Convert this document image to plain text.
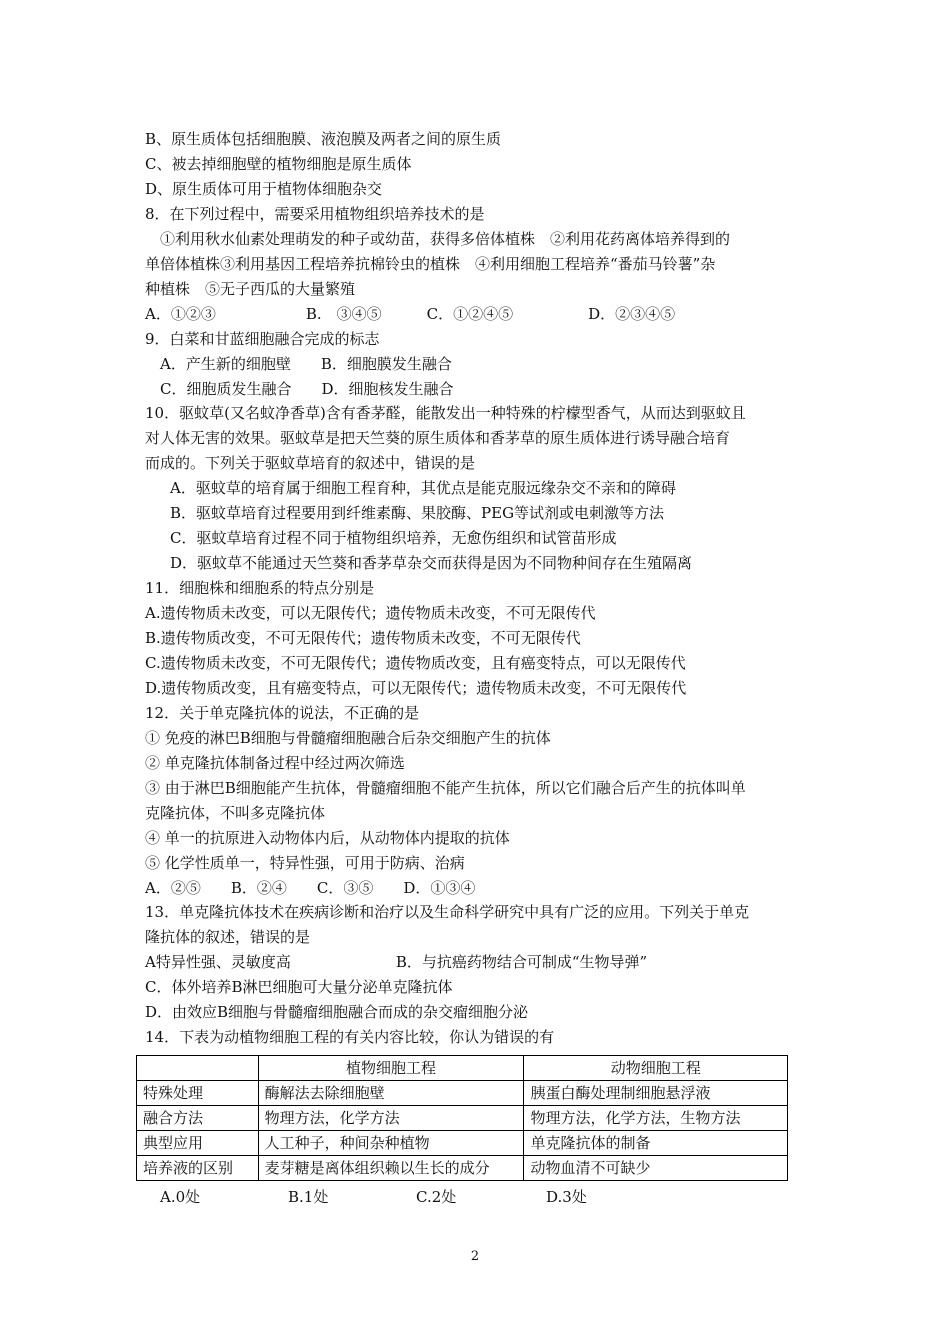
B、原生质体包括细胞膜、液泡膜及两者之间的原生质
C、被去掉细胞壁的植物细胞是原生质体
D、原生质体可用于植物体细胞杂交
8．在下列过程中，需要采用植物组织培养技术的是
①利用秋水仙素处理萌发的种子或幼苗，获得多倍体植株　②利用花药离体培养得到的
单倍体植株③利用基因工程培养抗棉铃虫的植株　④利用细胞工程培养“番茄马铃薯”杂
种植株　⑤无子西瓜的大量繁殖
A．①②③　　　　　　B.　③④⑤　　　C．①②④⑤　　　　　D．②③④⑤
9．白菜和甘蓝细胞融合完成的标志
A．产生新的细胞壁　　B．细胞膜发生融合
C．细胞质发生融合　　D．细胞核发生融合
10．驱蚊草(又名蚊净香草)含有香茅醛，能散发出一种特殊的柠檬型香气，从而达到驱蚊且
对人体无害的效果。驱蚊草是把天竺葵的原生质体和香茅草的原生质体进行诱导融合培育
而成的。下列关于驱蚊草培育的叙述中，错误的是
A．驱蚊草的培育属于细胞工程育种，其优点是能克服远缘杂交不亲和的障碍
B．驱蚊草培育过程要用到纤维素酶、果胶酶、PEG等试剂或电刺激等方法
C．驱蚊草培育过程不同于植物组织培养，无愈伤组织和试管苗形成
D．驱蚊草不能通过天竺葵和香茅草杂交而获得是因为不同物种间存在生殖隔离
11．细胞株和细胞系的特点分别是
A.遗传物质未改变，可以无限传代；遗传物质未改变，不可无限传代
B.遗传物质改变，不可无限传代；遗传物质未改变，不可无限传代
C.遗传物质未改变，不可无限传代；遗传物质改变，且有癌变特点，可以无限传代
D.遗传物质改变，且有癌变特点，可以无限传代；遗传物质未改变，不可无限传代
12．关于单克隆抗体的说法，不正确的是
① 免疫的淋巴B细胞与骨髓瘤细胞融合后杂交细胞产生的抗体
② 单克隆抗体制备过程中经过两次筛选
③ 由于淋巴B细胞能产生抗体，骨髓瘤细胞不能产生抗体，所以它们融合后产生的抗体叫单
克隆抗体，不叫多克隆抗体
④ 单一的抗原进入动物体内后，从动物体内提取的抗体
⑤ 化学性质单一，特异性强，可用于防病、治病
A．②⑤　　B．②④　　C．③⑤　　D．①③④
13．单克隆抗体技术在疾病诊断和治疗以及生命科学研究中具有广泛的应用。下列关于单克
隆抗体的叙述，错误的是
A特异性强、灵敏度高　　　　　　　B．与抗癌药物结合可制成“生物导弹”
C．体外培养B淋巴细胞可大量分泌单克隆抗体
D．由效应B细胞与骨髓瘤细胞融合而成的杂交瘤细胞分泌
14．下表为动植物细胞工程的有关内容比较，你认为错误的有
	植物细胞工程	动物细胞工程
特殊处理	酶解法去除细胞壁	胰蛋白酶处理制细胞悬浮液
融合方法	物理方法，化学方法	物理方法，化学方法，生物方法
典型应用	人工种子，种间杂种植物	单克隆抗体的制备
培养液的区别	麦芽糖是离体组织赖以生长的成分	动物血清不可缺少
A.0处	B.1处	C.2处	D.3处
2
